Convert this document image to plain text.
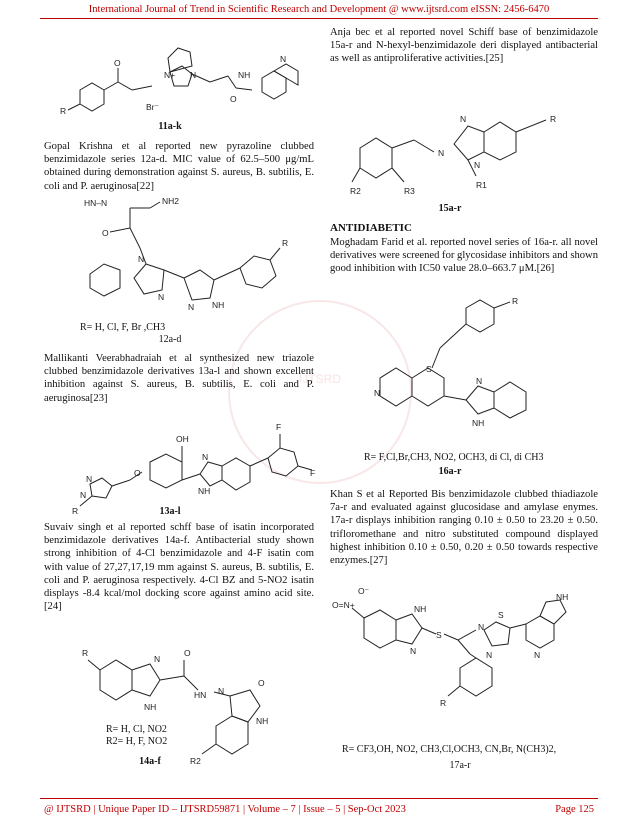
International Journal of Trend in Scientific Research and Development @ www.ijtsrd.com eISSN: 2456-6470
IJTSRD
R
O
N+ N
O
NH
N
Br⁻
11a-k
Gopal Krishna et al reported new pyrazoline clubbed benzimidazole series 12a-d. MIC value of 62.5–500 μg/mL obtained during demonstration against S. aureus, B. subtilis, E. coli and P. aeruginosa[22]
R
HN–N	NH2
O
N
N
N NH
R= H, Cl, F, Br ,CH3
12a-d
Mallikanti Veerabhadraiah et al synthesized new triazole clubbed benzimidazole derivatives 13a-l and shown excellent inhibition against S. aureus, B. subtilis, E. coli and P. aeruginosa[23]
R
N
N
O
OH
N
NH
F
F
13a-l
Suvaiv singh et al reported schff base of isatin incorporated benzimidazole derivatives 14a-f. Antibacterial study shown strong inhibition of 4-Cl benzimidazole and 4-F isatin com with value of 27,27,17,19 mm against S. aureus, B. subtilis, E. coli and P. aeruginosa respectively. 4-Cl BZ and 5-NO2 isatin displays -8.4 kcal/mol docking score against amino acid site.[24]
R
N
NH
O
HN N
O
NH
R2
R= H, Cl, NO2
R2= H, F, NO2
14a-f
Anja bec et al reported novel Schiff base of benzimidazole 15a-r and N-hexyl-benzimidazole deri displayed antibacterial as well as antiproliferative activities.[25]
R
N
N
N
R1
R2	R3
15a-r
ANTIDIABETIC
Moghadam Farid et al. reported novel series of 16a-r. all novel derivatives were screened for glycosidase inhibitors and shown good inhibition with IC50 value 28.0–663.7 μM.[26]
R
S
N
N
NH
R= F,Cl,Br,CH3, NO2, OCH3, di Cl, di CH3
16a-r
Khan S et al Reported Bis benzimidazole clubbed thiadiazole 7a-r and evaluated against glucosidase and amylase enymes. 17a-r displays inhibition ranging 0.10 ± 0.50 to 23.20 ± 0.50. trifloromethane and nitro substituted compound displayed highest inhibition 0.10 ± 0.50, 0.20 ± 0.50 towards respective enzymes.[27]
O=N+
O⁻
NH
N
S
N
S
N
NH
N
R
R= CF3,OH, NO2, CH3,Cl,OCH3, CN,Br, N(CH3)2,
17a-r
@ IJTSRD | Unique Paper ID – IJTSRD59871 | Volume – 7 | Issue – 5 | Sep-Oct 2023	Page 125
